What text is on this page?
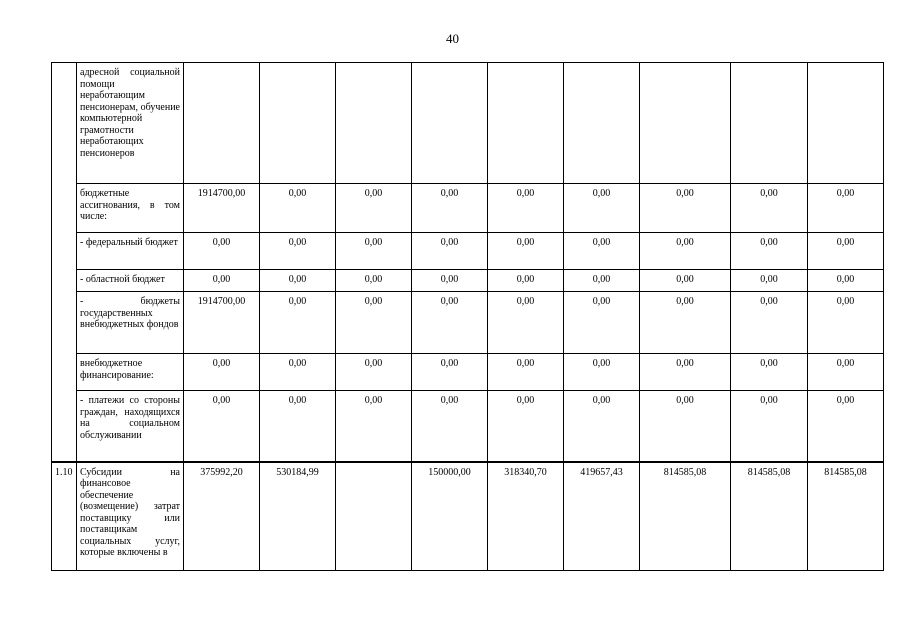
40
	адресной социальной помощи неработающим пенсионерам, обучение компьютерной грамотности неработающих пенсионеров									
	бюджетные ассигнования, в том числе:	1914700,00	0,00	0,00	0,00	0,00	0,00	0,00	0,00	0,00
	- федеральный бюджет	0,00	0,00	0,00	0,00	0,00	0,00	0,00	0,00	0,00
	- областной бюджет	0,00	0,00	0,00	0,00	0,00	0,00	0,00	0,00	0,00
	- бюджеты государственных внебюджетных фондов	1914700,00	0,00	0,00	0,00	0,00	0,00	0,00	0,00	0,00
	внебюджетное финансирование:	0,00	0,00	0,00	0,00	0,00	0,00	0,00	0,00	0,00
	- платежи со стороны граждан, находящихся на социальном обслуживании	0,00	0,00	0,00	0,00	0,00	0,00	0,00	0,00	0,00
1.10	Субсидии на финансовое обеспечение (возмещение) затрат поставщику или поставщикам социальных услуг, которые включены в	375992,20	530184,99		150000,00	318340,70	419657,43	814585,08	814585,08	814585,08
